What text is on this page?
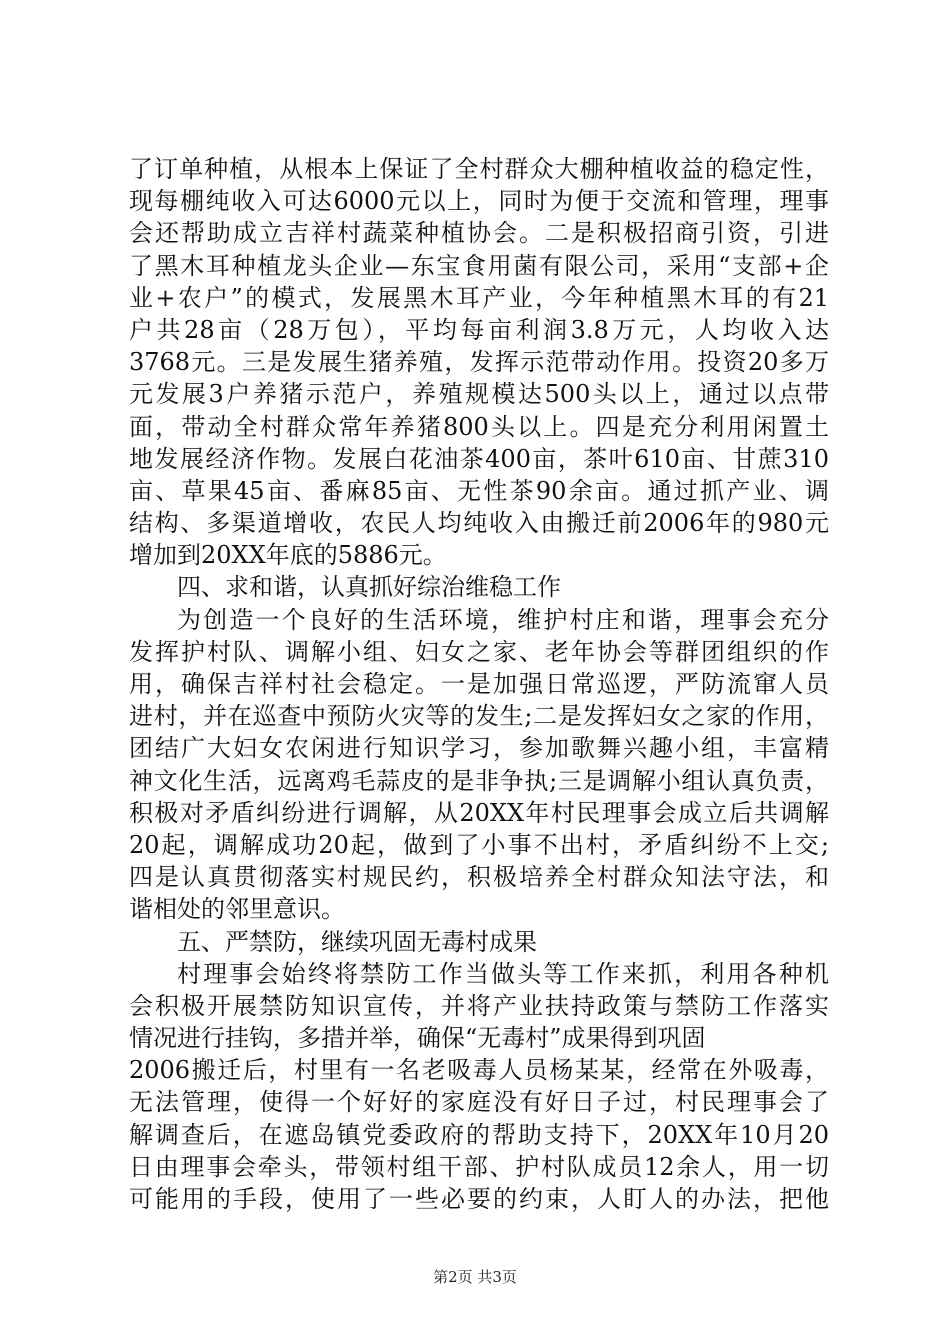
了订单种植，从根本上保证了全村群众大棚种植收益的稳定性，
现每棚纯收入可达6000元以上，同时为便于交流和管理，理事
会还帮助成立吉祥村蔬菜种植协会。二是积极招商引资，引进
了黑木耳种植龙头企业—东宝食用菌有限公司，采用“支部+企
业+农户”的模式，发展黑木耳产业，今年种植黑木耳的有21
户共28亩（28万包），平均每亩利润3.8万元，人均收入达
3768元。三是发展生猪养殖，发挥示范带动作用。投资20多万
元发展3户养猪示范户，养殖规模达500头以上，通过以点带
面，带动全村群众常年养猪800头以上。四是充分利用闲置土
地发展经济作物。发展白花油茶400亩，茶叶610亩、甘蔗310
亩、草果45亩、番麻85亩、无性茶90余亩。通过抓产业、调
结构、多渠道增收，农民人均纯收入由搬迁前2006年的980元
增加到20XX年底的5886元。
四、求和谐，认真抓好综治维稳工作
为创造一个良好的生活环境，维护村庄和谐，理事会充分
发挥护村队、调解小组、妇女之家、老年协会等群团组织的作
用，确保吉祥村社会稳定。一是加强日常巡逻，严防流窜人员
进村，并在巡查中预防火灾等的发生;二是发挥妇女之家的作用，
团结广大妇女农闲进行知识学习，参加歌舞兴趣小组，丰富精
神文化生活，远离鸡毛蒜皮的是非争执;三是调解小组认真负责，
积极对矛盾纠纷进行调解，从20XX年村民理事会成立后共调解
20起，调解成功20起，做到了小事不出村，矛盾纠纷不上交;
四是认真贯彻落实村规民约，积极培养全村群众知法守法，和
谐相处的邻里意识。
五、严禁防，继续巩固无毒村成果
村理事会始终将禁防工作当做头等工作来抓，利用各种机
会积极开展禁防知识宣传，并将产业扶持政策与禁防工作落实
情况进行挂钩，多措并举，确保“无毒村”成果得到巩固
2006搬迁后，村里有一名老吸毒人员杨某某，经常在外吸毒，
无法管理，使得一个好好的家庭没有好日子过，村民理事会了
解调查后，在遮岛镇党委政府的帮助支持下，20XX年10月20
日由理事会牵头，带领村组干部、护村队成员12余人，用一切
可能用的手段，使用了一些必要的约束，人盯人的办法，把他
第2页 共3页
